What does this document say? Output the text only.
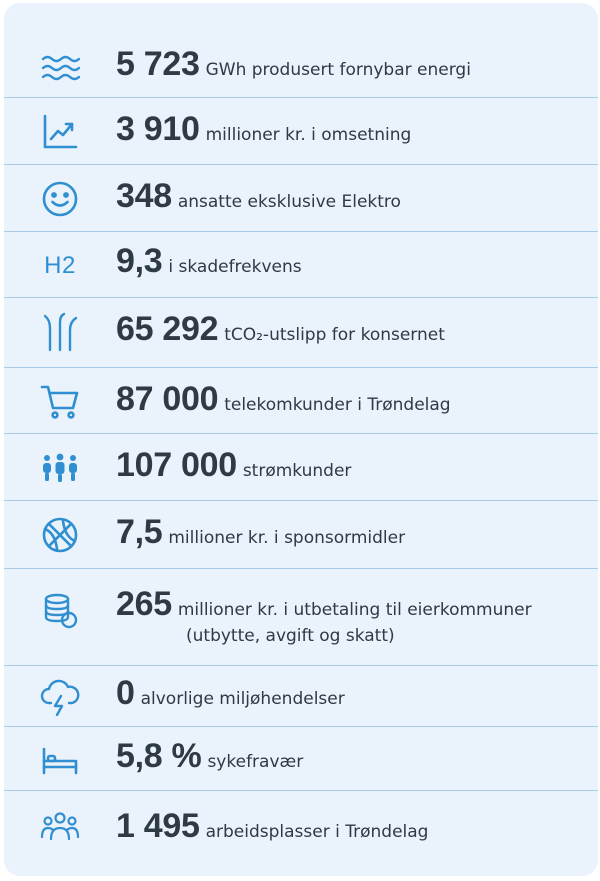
5 723 GWh produsert fornybar energi
3 910 millioner kr. i omsetning
348 ansatte eksklusive Elektro
H2 9,3 i skadefrekvens
65 292 tCO₂-utslipp for konsernet
87 000 telekomkunder i Trøndelag
107 000 strømkunder
7,5 millioner kr. i sponsormidler
265 millioner kr. i utbetaling til eierkommuner
(utbytte, avgift og skatt)
0 alvorlige miljøhendelser
5,8 % sykefravær
1 495 arbeidsplasser i Trøndelag
